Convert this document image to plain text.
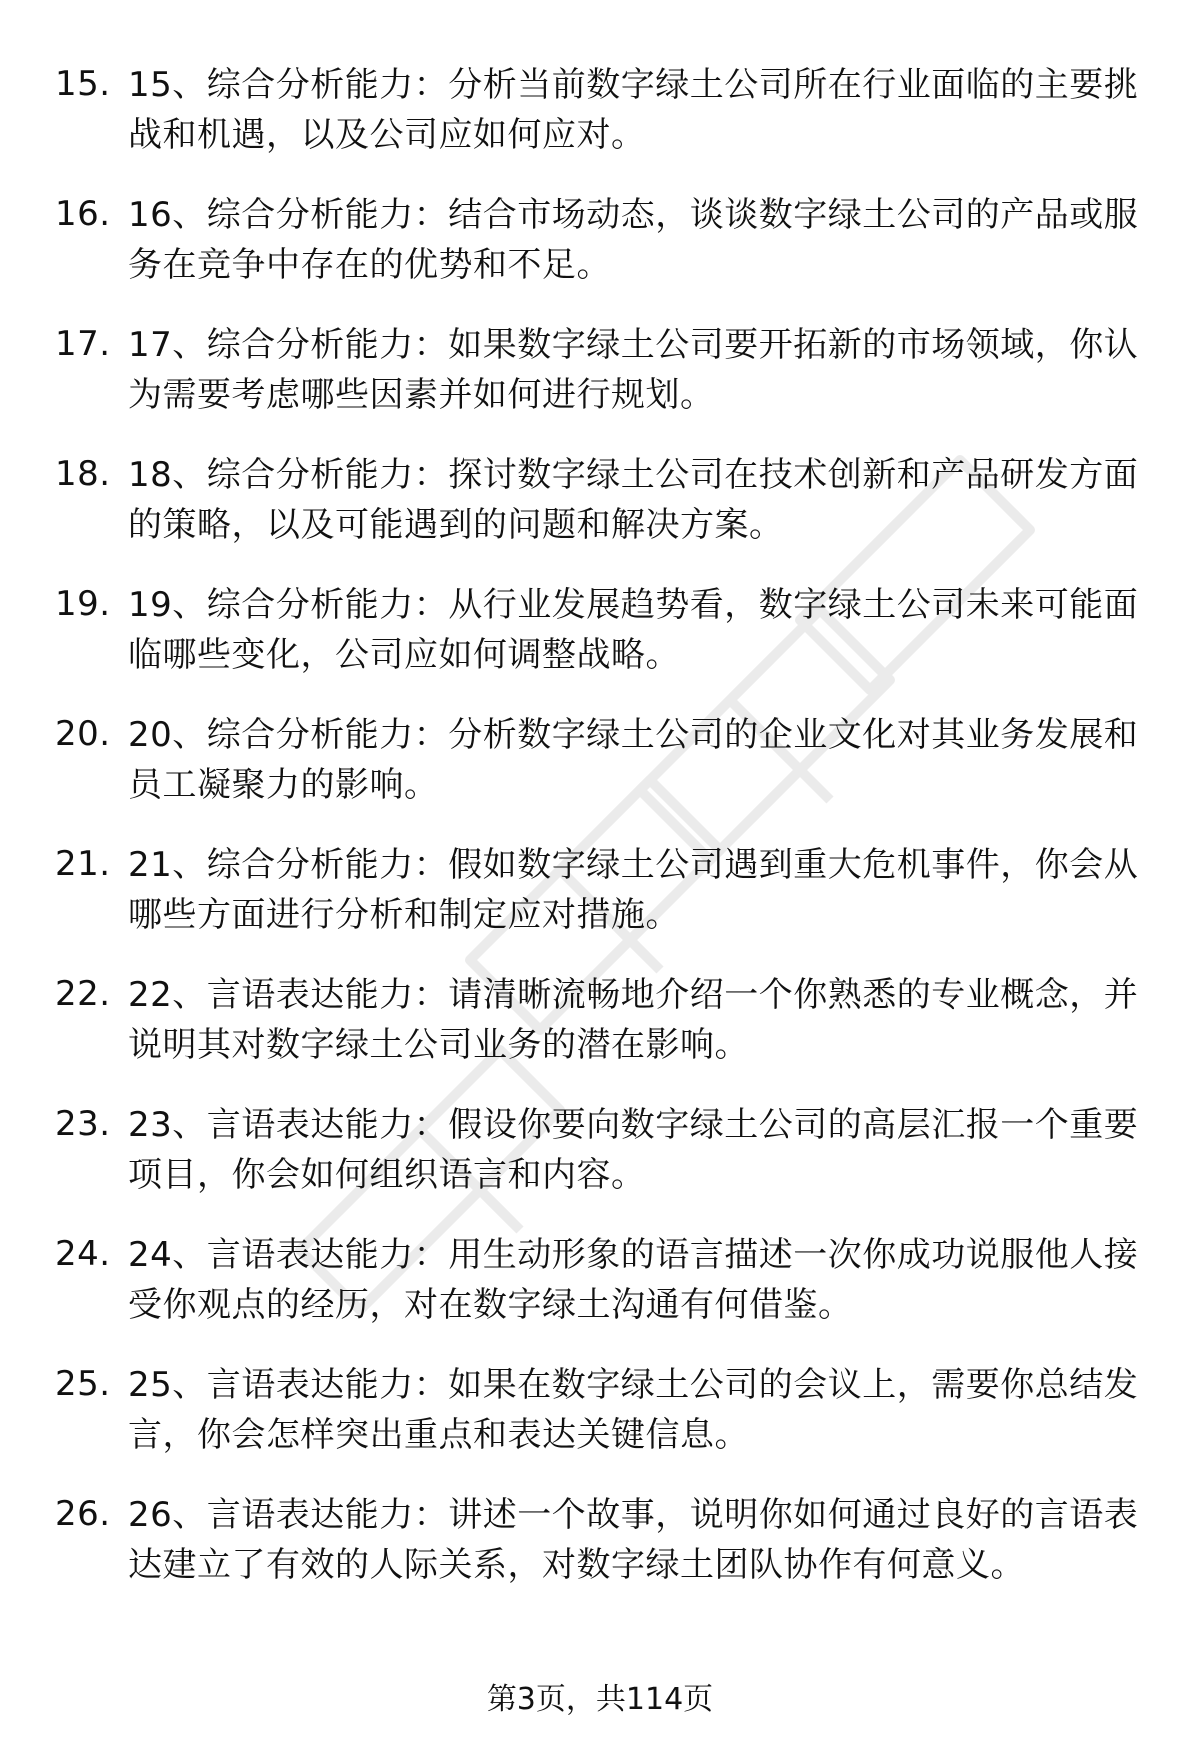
15. 15、综合分析能力：分析当前数字绿土公司所在行业面临的主要挑战和机遇，以及公司应如何应对。
16. 16、综合分析能力：结合市场动态，谈谈数字绿土公司的产品或服务在竞争中存在的优势和不足。
17. 17、综合分析能力：如果数字绿土公司要开拓新的市场领域，你认为需要考虑哪些因素并如何进行规划。
18. 18、综合分析能力：探讨数字绿土公司在技术创新和产品研发方面的策略，以及可能遇到的问题和解决方案。
19. 19、综合分析能力：从行业发展趋势看，数字绿土公司未来可能面临哪些变化，公司应如何调整战略。
20. 20、综合分析能力：分析数字绿土公司的企业文化对其业务发展和员工凝聚力的影响。
21. 21、综合分析能力：假如数字绿土公司遇到重大危机事件，你会从哪些方面进行分析和制定应对措施。
22. 22、言语表达能力：请清晰流畅地介绍一个你熟悉的专业概念，并说明其对数字绿土公司业务的潜在影响。
23. 23、言语表达能力：假设你要向数字绿土公司的高层汇报一个重要项目，你会如何组织语言和内容。
24. 24、言语表达能力：用生动形象的语言描述一次你成功说服他人接受你观点的经历，对在数字绿土沟通有何借鉴。
25. 25、言语表达能力：如果在数字绿土公司的会议上，需要你总结发言，你会怎样突出重点和表达关键信息。
26. 26、言语表达能力：讲述一个故事，说明你如何通过良好的言语表达建立了有效的人际关系，对数字绿土团队协作有何意义。
第3页，共114页
